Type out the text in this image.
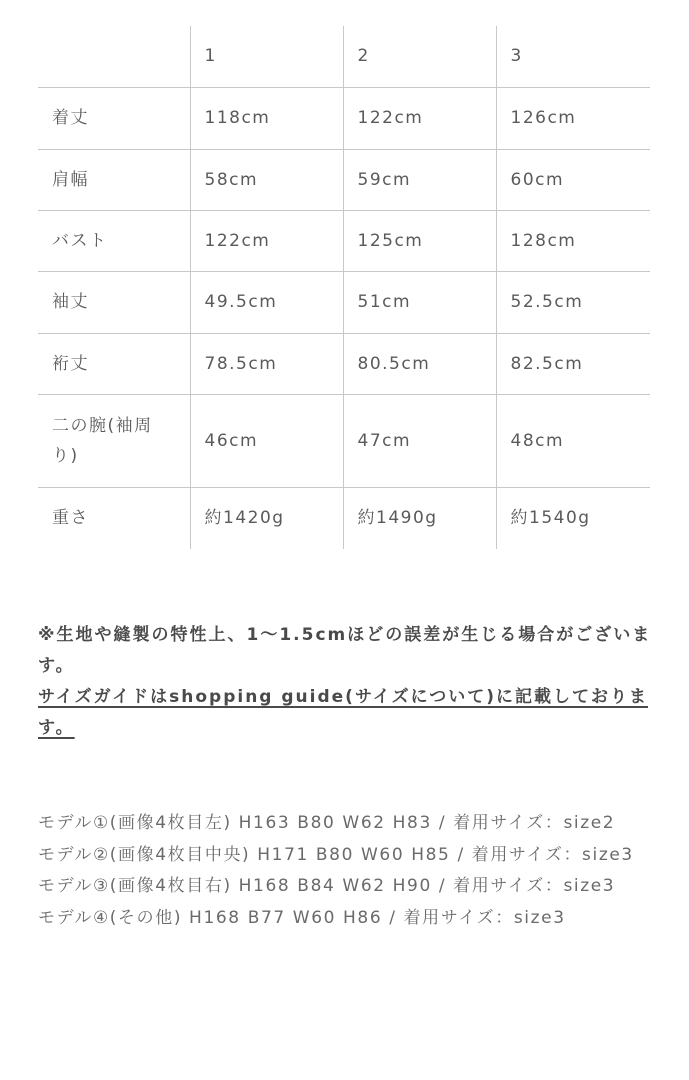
	1	2	3
着丈	118cm	122cm	126cm
肩幅	58cm	59cm	60cm
バスト	122cm	125cm	128cm
袖丈	49.5cm	51cm	52.5cm
裄丈	78.5cm	80.5cm	82.5cm
二の腕(袖周り)	46cm	47cm	48cm
重さ	約1420g	約1490g	約1540g
※生地や縫製の特性上、1〜1.5cmほどの誤差が生じる場合がございます。
サイズガイドはshopping guide(サイズについて)に記載しております。

モデル①(画像4枚目左) H163 B80 W62 H83 / 着用サイズ：size2

モデル②(画像4枚目中央) H171 B80 W60 H85 / 着用サイズ：size3

モデル③(画像4枚目右) H168 B84 W62 H90 / 着用サイズ：size3

モデル④(その他) H168 B77 W60 H86 / 着用サイズ：size3
